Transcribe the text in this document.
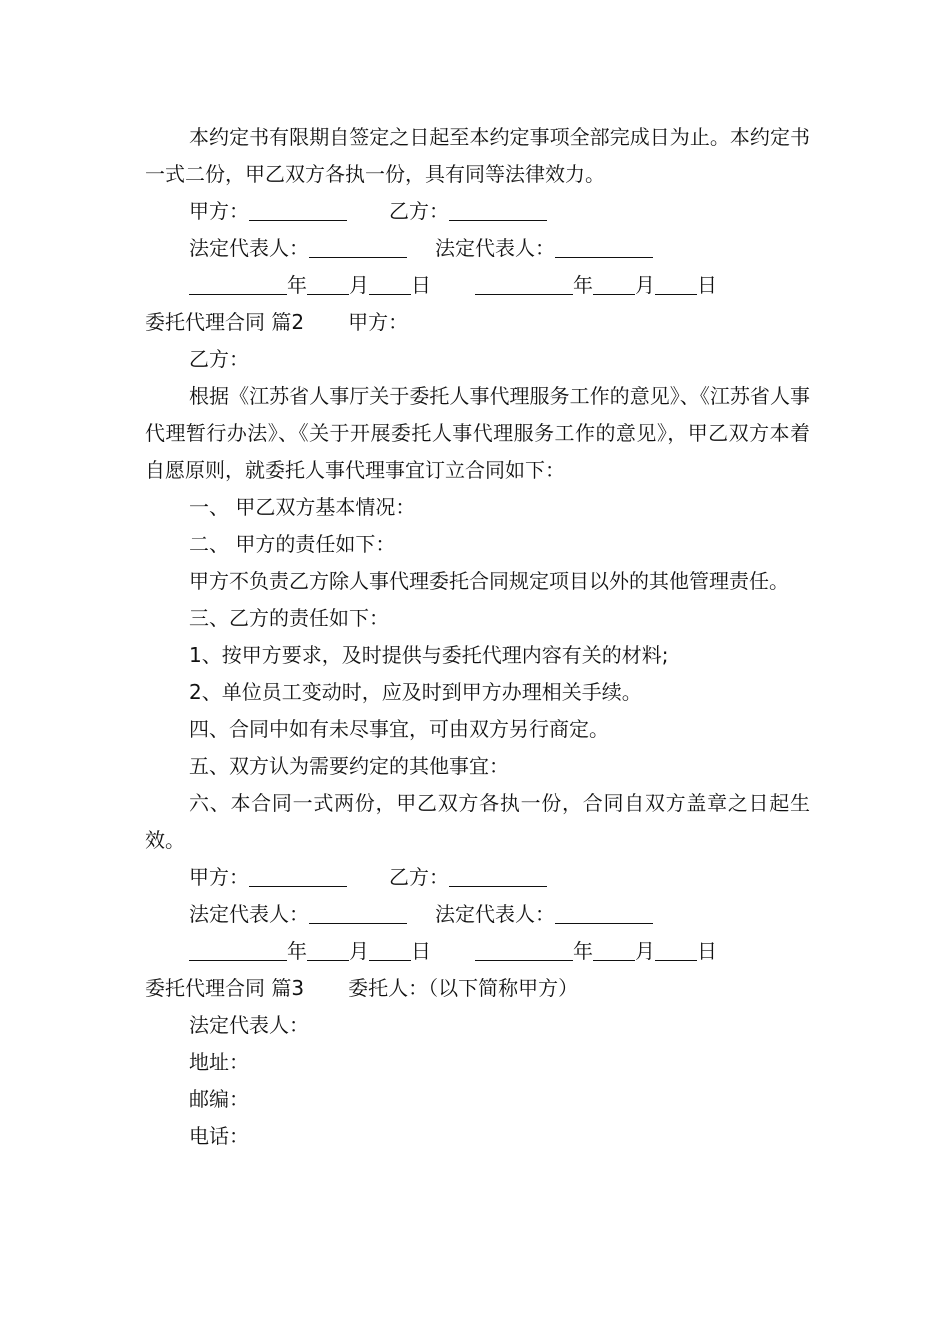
本约定书有限期自签定之日起至本约定事项全部完成日为止。本约定书一式二份，甲乙双方各执一份，具有同等法律效力。

甲方：	乙方：

法定代表人：	法定代表人：

年 月 日	年 月 日

委托代理合同 篇2 甲方：

乙方：

根据《江苏省人事厅关于委托人事代理服务工作的意见》、《江苏省人事代理暂行办法》、《关于开展委托人事代理服务工作的意见》，甲乙双方本着自愿原则，就委托人事代理事宜订立合同如下：

一、 甲乙双方基本情况：

二、 甲方的责任如下：

甲方不负责乙方除人事代理委托合同规定项目以外的其他管理责任。

三、乙方的责任如下：

1、按甲方要求，及时提供与委托代理内容有关的材料;

2、单位员工变动时，应及时到甲方办理相关手续。

四、合同中如有未尽事宜，可由双方另行商定。

五、双方认为需要约定的其他事宜：

六、本合同一式两份，甲乙双方各执一份，合同自双方盖章之日起生效。

甲方：	乙方：

法定代表人：	法定代表人：

年 月 日	年 月 日

委托代理合同 篇3 委托人：（以下简称甲方）

法定代表人：

地址：

邮编：

电话：
